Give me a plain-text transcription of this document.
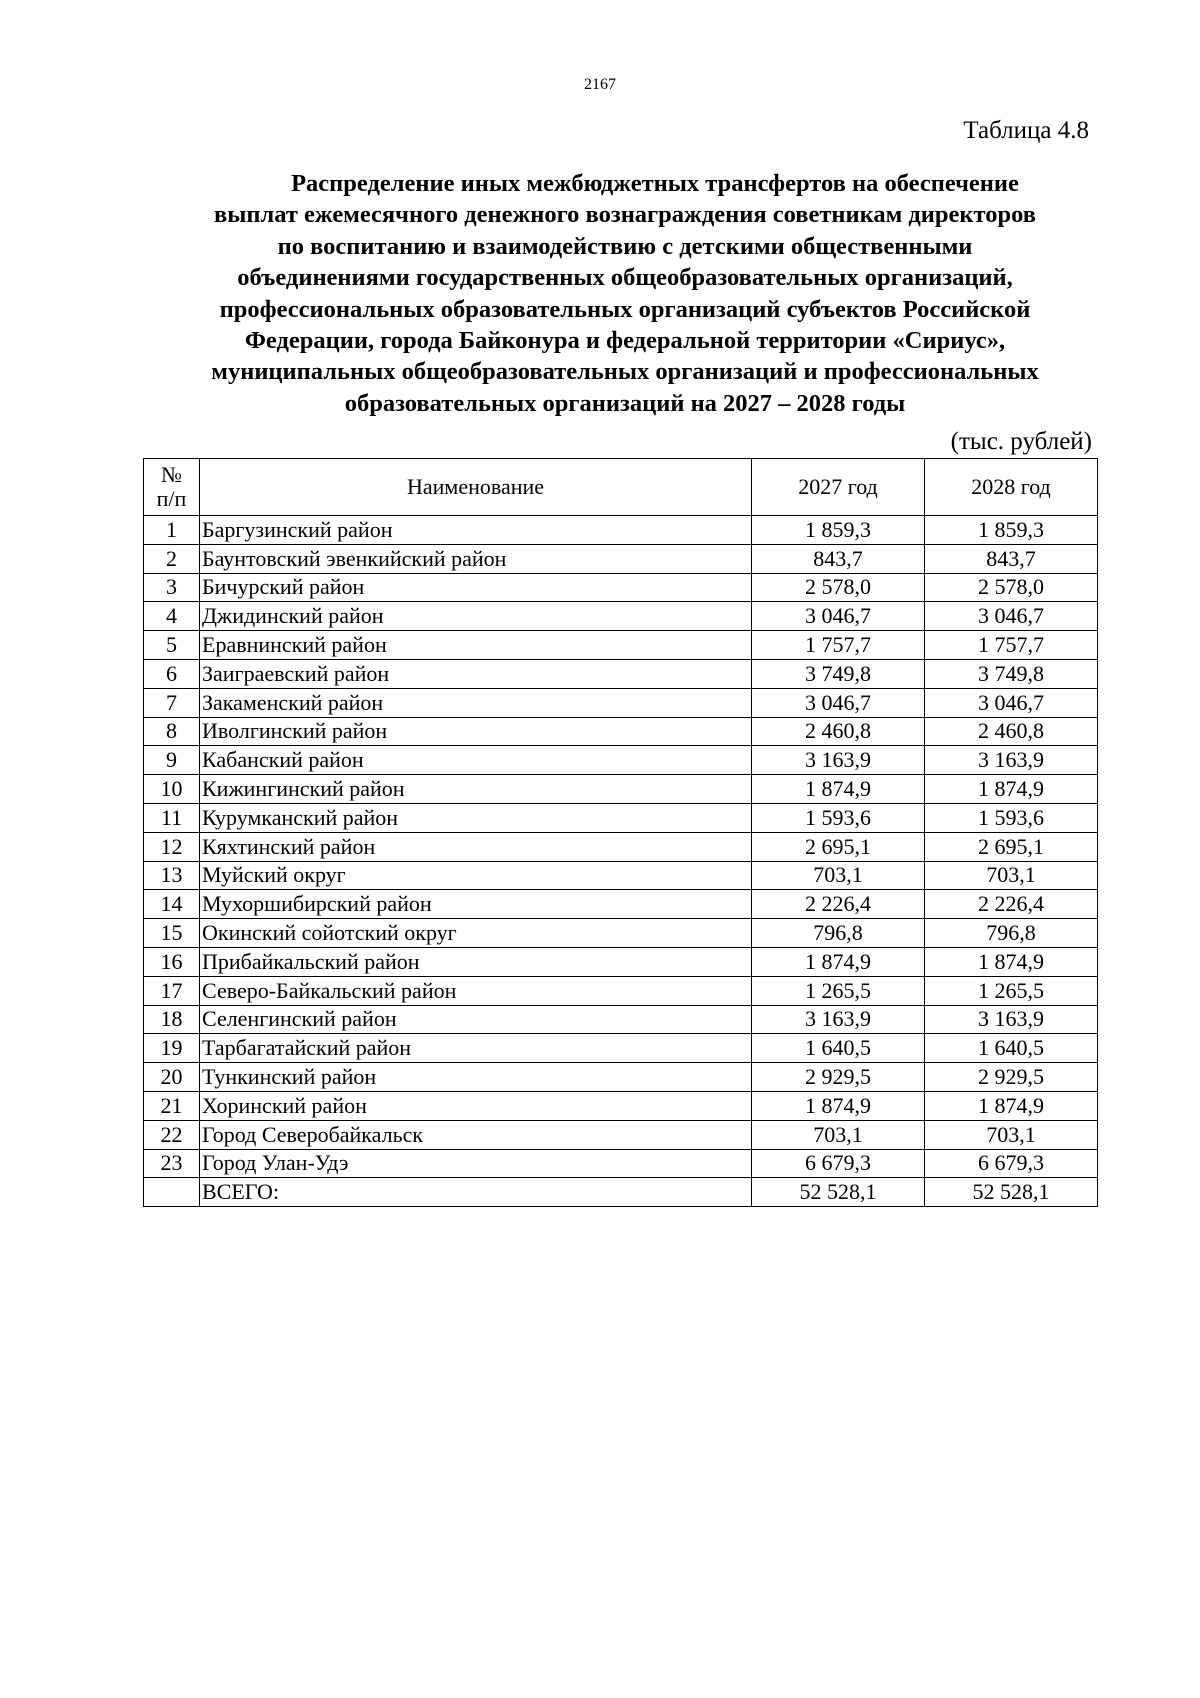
2167
Таблица 4.8
Распределение иных межбюджетных трансфертов на обеспечение
выплат ежемесячного денежного вознаграждения советникам директоров
по воспитанию и взаимодействию с детскими общественными
объединениями государственных общеобразовательных организаций,
профессиональных образовательных организаций субъектов Российской
Федерации, города Байконура и федеральной территории «Сириус»,
муниципальных общеобразовательных организаций и профессиональных
образовательных организаций на 2027 – 2028 годы
(тыс. рублей)
№
п/п	Наименование	2027 год	2028 год
1	Баргузинский район	1 859,3	1 859,3
2	Баунтовский эвенкийский район	843,7	843,7
3	Бичурский район	2 578,0	2 578,0
4	Джидинский район	3 046,7	3 046,7
5	Еравнинский район	1 757,7	1 757,7
6	Заиграевский район	3 749,8	3 749,8
7	Закаменский район	3 046,7	3 046,7
8	Иволгинский район	2 460,8	2 460,8
9	Кабанский район	3 163,9	3 163,9
10	Кижингинский район	1 874,9	1 874,9
11	Курумканский район	1 593,6	1 593,6
12	Кяхтинский район	2 695,1	2 695,1
13	Муйский округ	703,1	703,1
14	Мухоршибирский район	2 226,4	2 226,4
15	Окинский сойотский округ	796,8	796,8
16	Прибайкальский район	1 874,9	1 874,9
17	Северо-Байкальский район	1 265,5	1 265,5
18	Селенгинский район	3 163,9	3 163,9
19	Тарбагатайский район	1 640,5	1 640,5
20	Тункинский район	2 929,5	2 929,5
21	Хоринский район	1 874,9	1 874,9
22	Город Северобайкальск	703,1	703,1
23	Город Улан-Удэ	6 679,3	6 679,3
	ВСЕГО:	52 528,1	52 528,1
